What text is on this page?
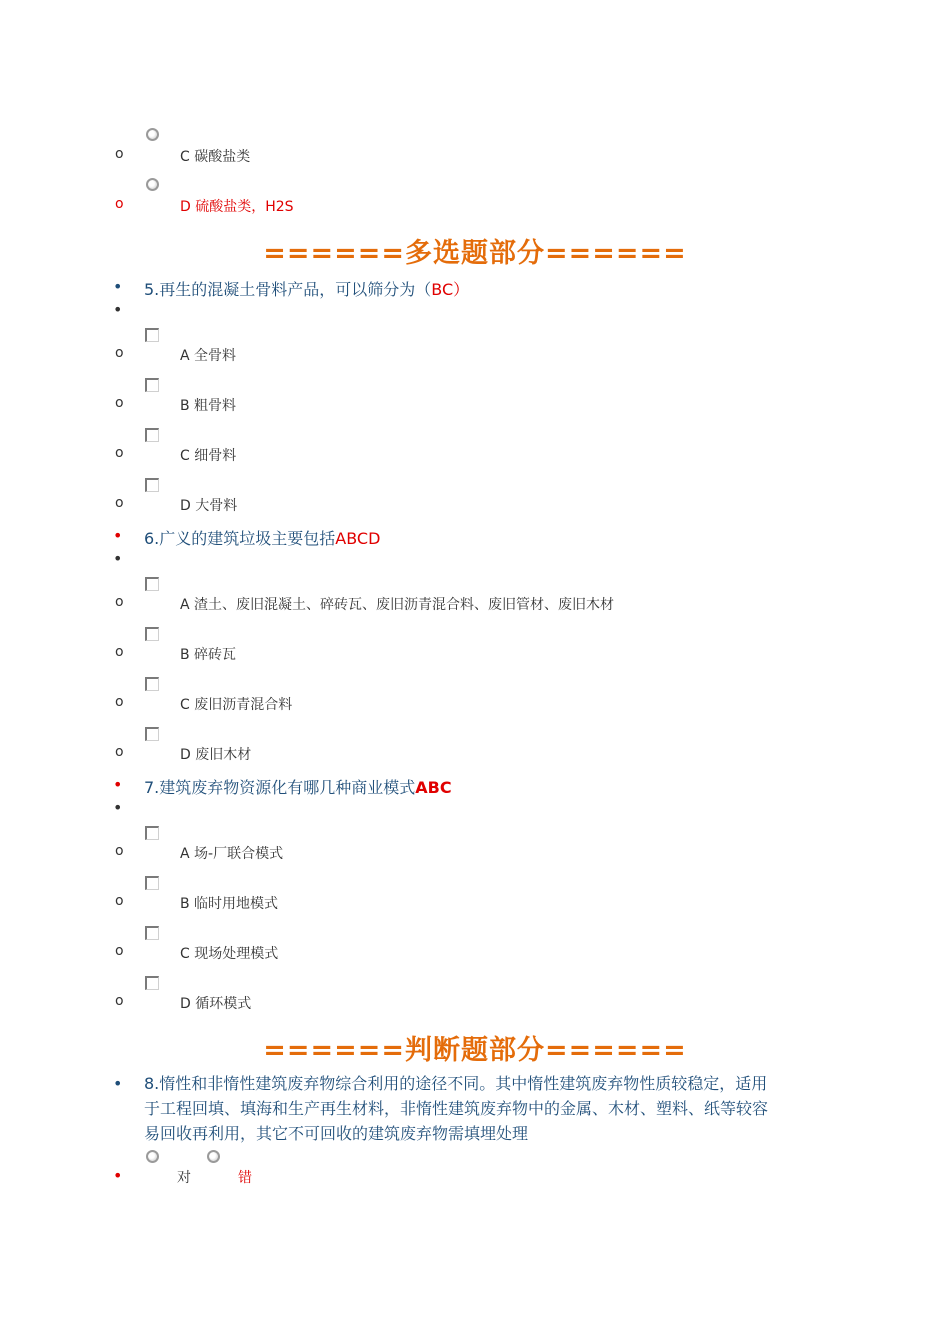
o	C 碳酸盐类
o	D 硫酸盐类，H2S
======多选题部分======
• 5.再生的混凝土骨料产品，可以筛分为（BC）
•
o	A 全骨料
o	B 粗骨料
o	C 细骨料
o	D 大骨料
• 6.广义的建筑垃圾主要包括ABCD
•
o	A 渣土、废旧混凝土、碎砖瓦、废旧沥青混合料、废旧管材、废旧木材
o	B 碎砖瓦
o	C 废旧沥青混合料
o	D 废旧木材
• 7.建筑废弃物资源化有哪几种商业模式ABC
•
o	A 场-厂联合模式
o	B 临时用地模式
o	C 现场处理模式
o	D 循环模式
======判断题部分======
• 8.惰性和非惰性建筑废弃物综合利用的途径不同。其中惰性建筑废弃物性质较稳定，适用
于工程回填、填海和生产再生材料，非惰性建筑废弃物中的金属、木材、塑料、纸等较容
易回收再利用，其它不可回收的建筑废弃物需填埋处理
•	对	错
